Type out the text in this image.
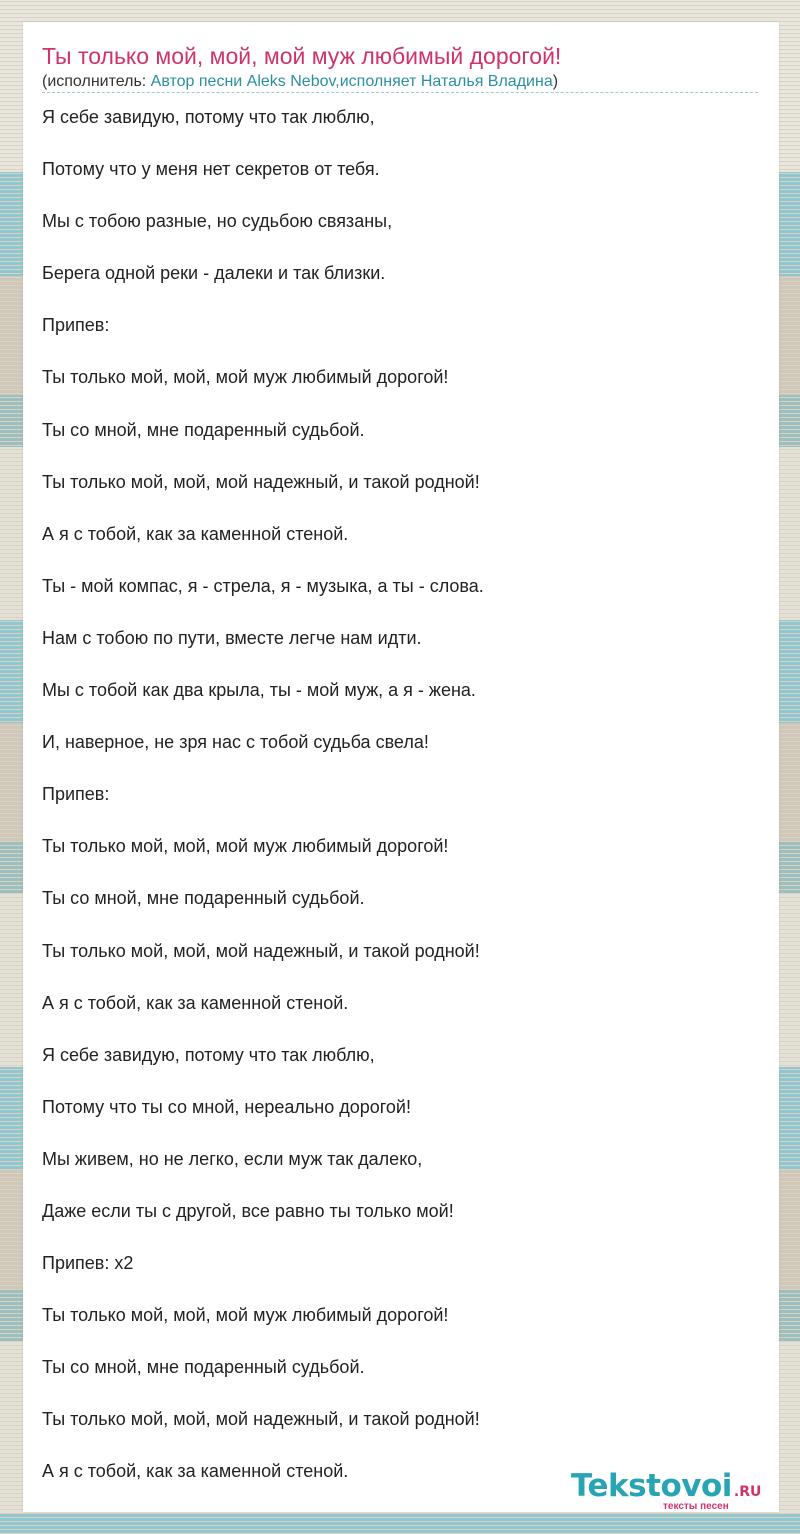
Ты только мой, мой, мой муж любимый дорогой!
(исполнитель: Автор песни Aleks Nebov,исполняет Наталья Владина)
Я себе завидую, потому что так люблю,
Потому что у меня нет секретов от тебя.
Мы с тобою разные, но судьбою связаны,
Берега одной реки - далеки и так близки.
Припев:
Ты только мой, мой, мой муж любимый дорогой!
Ты со мной, мне подаренный судьбой.
Ты только мой, мой, мой надежный, и такой родной!
А я с тобой, как за каменной стеной.
Ты - мой компас, я - стрела, я - музыка, а ты - слова.
Нам с тобою по пути, вместе легче нам идти.
Мы с тобой как два крыла, ты - мой муж, а я - жена.
И, наверное, не зря нас с тобой судьба свела!
Припев:
Ты только мой, мой, мой муж любимый дорогой!
Ты со мной, мне подаренный судьбой.
Ты только мой, мой, мой надежный, и такой родной!
А я с тобой, как за каменной стеной.
Я себе завидую, потому что так люблю,
Потому что ты со мной, нереально дорогой!
Мы живем, но не легко, если муж так далеко,
Даже если ты с другой, все равно ты только мой!
Припев: x2
Ты только мой, мой, мой муж любимый дорогой!
Ты со мной, мне подаренный судьбой.
Ты только мой, мой, мой надежный, и такой родной!
А я с тобой, как за каменной стеной.	Tekstovoi .RU
тексты песен
